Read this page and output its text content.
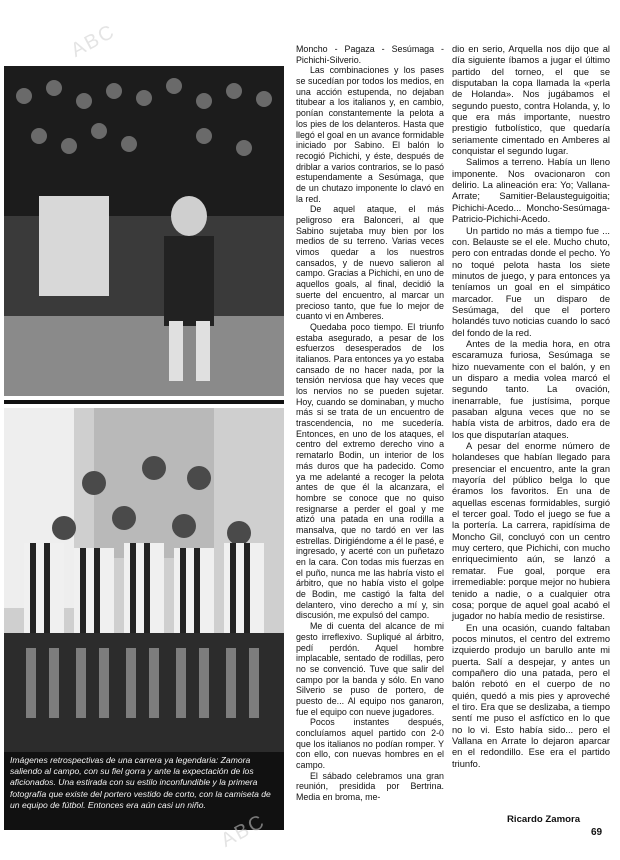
Imágenes retrospectivas de una carrera ya legendaria: Zamora saliendo al campo, con su fiel gorra y ante la expectación de los aficionados. Una estirada con su estilo inconfundible y la primera fotografía que existe del portero vestido de corto, con la camiseta de un equipo de fútbol. Entonces era aún casi un niño.

Moncho - Pagaza - Sesúmaga - Pichichi-Silverio.

Las combinaciones y los pases se sucedían por todos los medios, en una acción estupenda, no dejaban titubear a los italianos y, en cambio, ponían constantemente la pelota a los pies de los delanteros. Hasta que llegó el goal en un avance formidable iniciado por Sabino. El balón lo recogió Pichichi, y éste, después de driblar a varios contrarios, se lo pasó estupendamente a Sesúmaga, que de un chutazo imponente lo clavó en la red.

De aquel ataque, el más peligroso era Balonceri, al que Sabino sujetaba muy bien por los medios de su terreno. Varias veces vimos quedar a los nuestros cansados, y de nuevo salieron al campo. Gracias a Pichichi, en uno de aquellos goals, al final, decidió la suerte del encuentro, al marcar un precioso tanto, que fue lo mejor de cuanto vi en Amberes.

Quedaba poco tiempo. El triunfo estaba asegurado, a pesar de los esfuerzos desesperados de los italianos. Para entonces ya yo estaba cansado de no hacer nada, por la tensión nerviosa que hay veces que los nervios no se pueden sujetar. Hoy, cuando se dominaban, y mucho más si se trata de un encuentro de trascendencia, no me sucedería. Entonces, en uno de los ataques, el centro del extremo derecho vino a rematarlo Bodin, un interior de los más duros que ha padecido. Como ya me adelanté a recoger la pelota antes de que él la alcanzara, el hombre se conoce que no quiso resignarse a perder el goal y me atizó una patada en una rodilla a mansalva, que no tardó en ver las estrellas. Dirigiéndome a él le pasé, e ingresado, y acerté con un puñetazo en la cara. Con todas mis fuerzas en el puño, nunca me las habría visto el árbitro, que no había visto el golpe de Bodin, me castigó la falta del delantero, vino derecho a mí y, sin discusión, me expulsó del campo.

Me di cuenta del alcance de mi gesto irreflexivo. Supliqué al árbitro, pedí perdón. Aquel hombre implacable, sentado de rodillas, pero no se convenció. Tuve que salir del campo por la banda y sólo. En vano Silverio se puso de portero, de puesto de... Al equipo nos ganaron, fue el equipo con nueve jugadores.

Pocos instantes después, concluíamos aquel partido con 2-0 que los italianos no podían romper. Y con ello, con nuevas hombres en el campo.

El sábado celebramos una gran reunión, presidida por Bertrina. Media en broma, me-

dio en serio, Arquella nos dijo que al día siguiente íbamos a jugar el último partido del torneo, el que se disputaban la copa llamada la «perla de Holanda». Nos jugábamos el segundo puesto, contra Holanda, y, lo que era más importante, nuestro prestigio futbolístico, que quedaría seriamente cimentado en Amberes al conquistar el segundo lugar.

Salimos a terreno. Había un lleno imponente. Nos ovacionaron con delirio. La alineación era: Yo; Vallana-Arrate; Samitier-Belausteguigoitia; Pichichi-Acedo... Moncho-Sesúmaga-Patricio-Pichichi-Acedo.

Un partido no más a tiempo fue ... con. Belauste se el ele. Mucho chuto, pero con entradas donde el pecho. Yo no toqué pelota hasta los siete minutos de juego, y para entonces ya teníamos un goal en el simpático marcador. Fue un disparo de Sesúmaga, del que el portero holandés tuvo noticias cuando lo sacó del fondo de la red.

Antes de la media hora, en otra escaramuza furiosa, Sesúmaga se hizo nuevamente con el balón, y en un disparo a media volea marcó el segundo tanto. La ovación, inenarrable, fue justísima, porque pasaban alguna veces que no se había vista de arbitros, dado era de los que disputarían ataques.

A pesar del enorme número de holandeses que habían llegado para presenciar el encuentro, ante la gran mayoría del público belga lo que éramos los favoritos. En una de aquellas escenas formidables, surgió el tercer goal. Todo el juego se fue a la portería. La carrera, rapidísima de Moncho Gil, concluyó con un centro muy certero, que Pichichi, con mucho enriquecimiento aún, se lanzó a rematar. Fue goal, porque era irremediable: porque mejor no hubiera tenido a nadie, o a cualquier otra cosa; porque de aquel goal acabó el jugador no había medio de resistirse.

En una ocasión, cuando faltaban pocos minutos, el centro del extremo izquierdo produjo un barullo ante mi puerta. Salí a despejar, y antes un compañero dio una patada, pero el balón rebotó en el cuerpo de no quién, quedó a mis pies y aproveché el tiro. Era que se deslizaba, a tiempo sentí me puso el asfíctico en lo que no lo vi. Esto había sido... pero el Vallana en Arrate lo dejaron aparcar en el redondillo. Ese era el partido triunfo.

Ricardo Zamora
69
ABC
ABC
